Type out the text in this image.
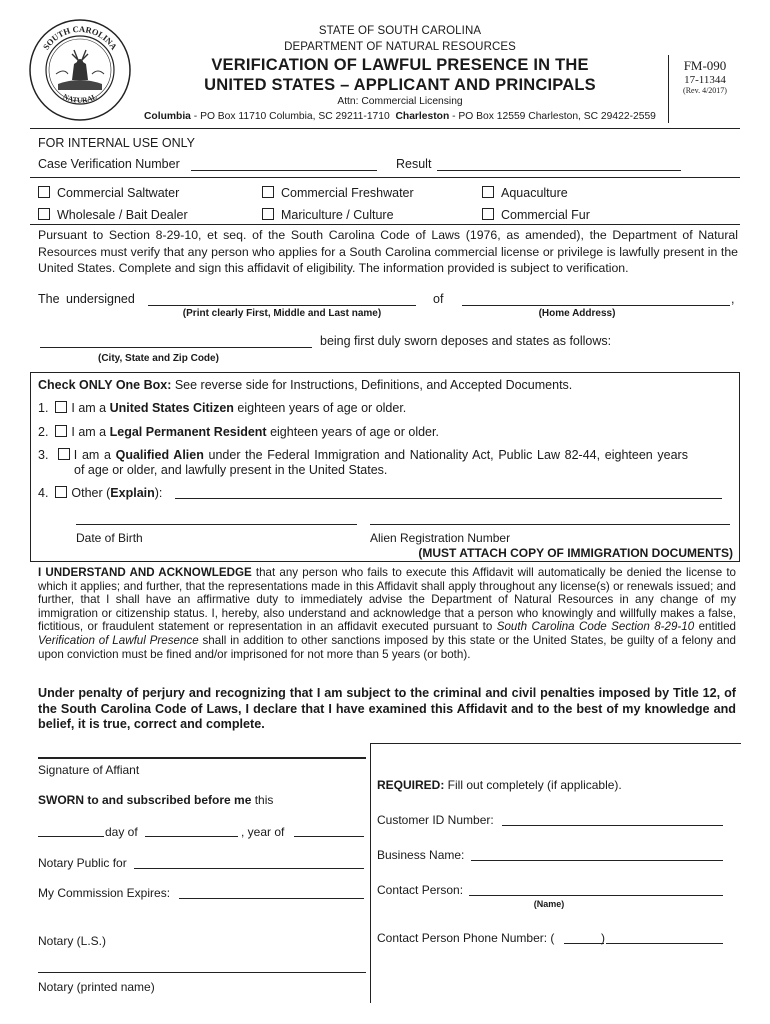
SOUTH CAROLINA
NATURAL
STATE OF SOUTH CAROLINA
DEPARTMENT OF NATURAL RESOURCES
VERIFICATION OF LAWFUL PRESENCE IN THE
UNITED STATES – APPLICANT AND PRINCIPALS
Attn: Commercial Licensing
Columbia - PO Box 11710 Columbia, SC 29211-1710 Charleston - PO Box 12559 Charleston, SC 29422-2559
FM-090
17-11344
(Rev. 4/2017)
FOR INTERNAL USE ONLY
Case Verification Number	Result
Commercial Saltwater	Commercial Freshwater	Aquaculture
Wholesale / Bait Dealer	Mariculture / Culture	Commercial Fur
Pursuant to Section 8-29-10, et seq. of the South Carolina Code of Laws (1976, as amended), the Department of Natural Resources must verify that any person who applies for a South Carolina commercial license or privilege is lawfully present in the United States. Complete and sign this affidavit of eligibility. The information provided is subject to verification.
The undersigned
(Print clearly First, Middle and Last name)
of	,
(Home Address)
being first duly sworn deposes and states as follows:
(City, State and Zip Code)
Check ONLY One Box: See reverse side for Instructions, Definitions, and Accepted Documents.
1. I am a United States Citizen eighteen years of age or older.
2. I am a Legal Permanent Resident eighteen years of age or older.
3. I am a Qualified Alien under the Federal Immigration and Nationality Act, Public Law 82-44, eighteen years
of age or older, and lawfully present in the United States.
4. Other (Explain):
Date of Birth	Alien Registration Number
(MUST ATTACH COPY OF IMMIGRATION DOCUMENTS)
I UNDERSTAND AND ACKNOWLEDGE that any person who fails to execute this Affidavit will automatically be denied the license to which it applies; and further, that the representations made in this Affidavit shall apply throughout any license(s) or renewals issued; and further, that I shall have an affirmative duty to immediately advise the Department of Natural Resources in any change of my immigration or citizenship status. I, hereby, also understand and acknowledge that a person who knowingly and willfully makes a false, fictitious, or fraudulent statement or representation in an affidavit executed pursuant to South Carolina Code Section 8-29-10 entitled Verification of Lawful Presence shall in addition to other sanctions imposed by this state or the United States, be guilty of a felony and upon conviction must be fined and/or imprisoned for not more than 5 years (or both).
Under penalty of perjury and recognizing that I am subject to the criminal and civil penalties imposed by Title 12, of the South Carolina Code of Laws, I declare that I have examined this Affidavit and to the best of my knowledge and belief, it is true, correct and complete.
Signature of Affiant
SWORN to and subscribed before me this
day of	, year of
Notary Public for
My Commission Expires:
Notary (L.S.)
Notary (printed name)
REQUIRED: Fill out completely (if applicable).
Customer ID Number:
Business Name:
Contact Person:
(Name)
Contact Person Phone Number: (	)
